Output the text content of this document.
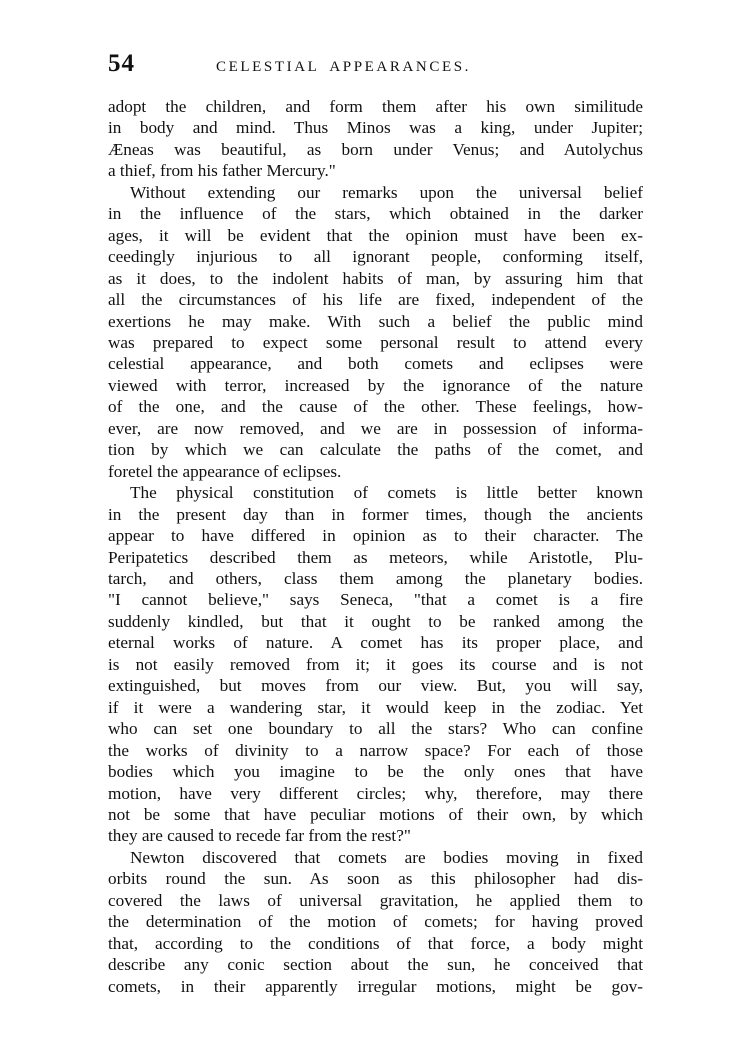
54	CELESTIAL APPEARANCES.

adopt the children, and form them after his own similitude
in body and mind. Thus Minos was a king, under Jupiter;
Æneas was beautiful, as born under Venus; and Autolychus
a thief, from his father Mercury."

Without extending our remarks upon the universal belief
in the influence of the stars, which obtained in the darker
ages, it will be evident that the opinion must have been ex-
ceedingly injurious to all ignorant people, conforming itself,
as it does, to the indolent habits of man, by assuring him that
all the circumstances of his life are fixed, independent of the
exertions he may make. With such a belief the public mind
was prepared to expect some personal result to attend every
celestial appearance, and both comets and eclipses were
viewed with terror, increased by the ignorance of the nature
of the one, and the cause of the other. These feelings, how-
ever, are now removed, and we are in possession of informa-
tion by which we can calculate the paths of the comet, and
foretel the appearance of eclipses.

The physical constitution of comets is little better known
in the present day than in former times, though the ancients
appear to have differed in opinion as to their character. The
Peripatetics described them as meteors, while Aristotle, Plu-
tarch, and others, class them among the planetary bodies.
"I cannot believe," says Seneca, "that a comet is a fire
suddenly kindled, but that it ought to be ranked among the
eternal works of nature. A comet has its proper place, and
is not easily removed from it; it goes its course and is not
extinguished, but moves from our view. But, you will say,
if it were a wandering star, it would keep in the zodiac. Yet
who can set one boundary to all the stars? Who can confine
the works of divinity to a narrow space? For each of those
bodies which you imagine to be the only ones that have
motion, have very different circles; why, therefore, may there
not be some that have peculiar motions of their own, by which
they are caused to recede far from the rest?"

Newton discovered that comets are bodies moving in fixed
orbits round the sun. As soon as this philosopher had dis-
covered the laws of universal gravitation, he applied them to
the determination of the motion of comets; for having proved
that, according to the conditions of that force, a body might
describe any conic section about the sun, he conceived that
comets, in their apparently irregular motions, might be gov-
